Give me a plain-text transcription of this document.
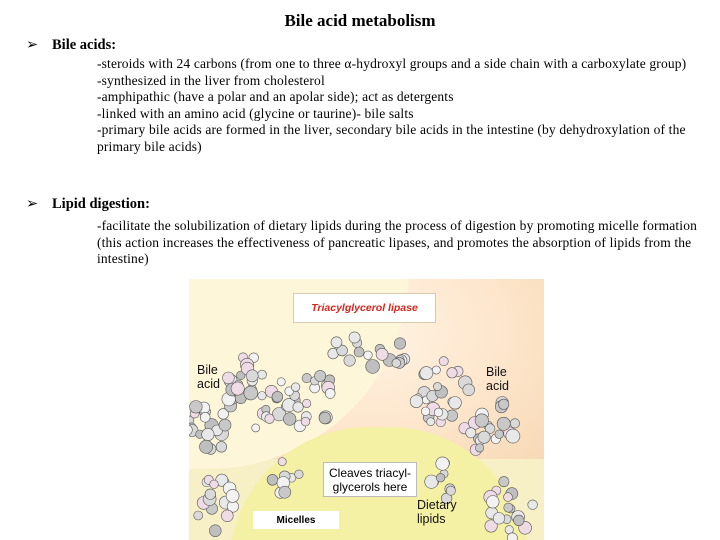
Bile acid metabolism
➢ Bile acids:

-steroids with 24 carbons (from one to three α-hydroxyl groups and a side chain with a carboxylate group)

-synthesized in the liver from cholesterol

-amphipathic (have a polar and an apolar side); act as detergents

-linked with an amino acid (glycine or taurine)- bile salts

-primary bile acids are formed in the liver, secondary bile acids in the intestine (by dehydroxylation of the primary bile acids)

➢ Lipid digestion:

-facilitate the solubilization of dietary lipids during the process of digestion by promoting micelle formation (this action increases the effectiveness of pancreatic lipases, and promotes the absorption of lipids from the intestine)

Triacylglycerol lipase
Bile
acid
Bile
acid
Cleaves triacyl-
glycerols here
Dietary
lipids
Micelles
